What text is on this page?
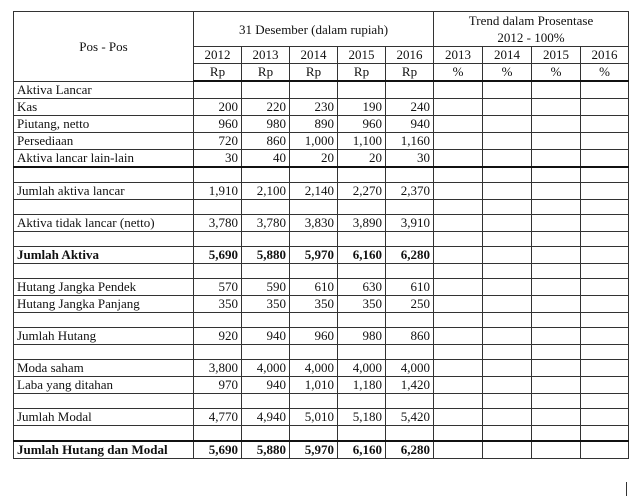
Pos - Pos	31 Desember (dalam rupiah)					Trend dalam Prosentase
2012 - 100%			

	2012	2013	2014	2015	2016	2013	2014	2015	2016
	Rp	Rp	Rp	Rp	Rp	%	%	%	%
Aktiva Lancar									
Kas	200	220	230	190	240				
Piutang, netto	960	980	890	960	940				
Persediaan	720	860	1,000	1,100	1,160				
Aktiva lancar lain-lain	30	40	20	20	30				

Jumlah aktiva lancar	1,910	2,100	2,140	2,270	2,370				

Aktiva tidak lancar (netto)	3,780	3,780	3,830	3,890	3,910				

Jumlah Aktiva	5,690	5,880	5,970	6,160	6,280				

Hutang Jangka Pendek	570	590	610	630	610				
Hutang Jangka Panjang	350	350	350	350	250				

Jumlah Hutang	920	940	960	980	860				

Moda saham	3,800	4,000	4,000	4,000	4,000				
Laba yang ditahan	970	940	1,010	1,180	1,420				

Jumlah Modal	4,770	4,940	5,010	5,180	5,420				

Jumlah Hutang dan Modal	5,690	5,880	5,970	6,160	6,280				
